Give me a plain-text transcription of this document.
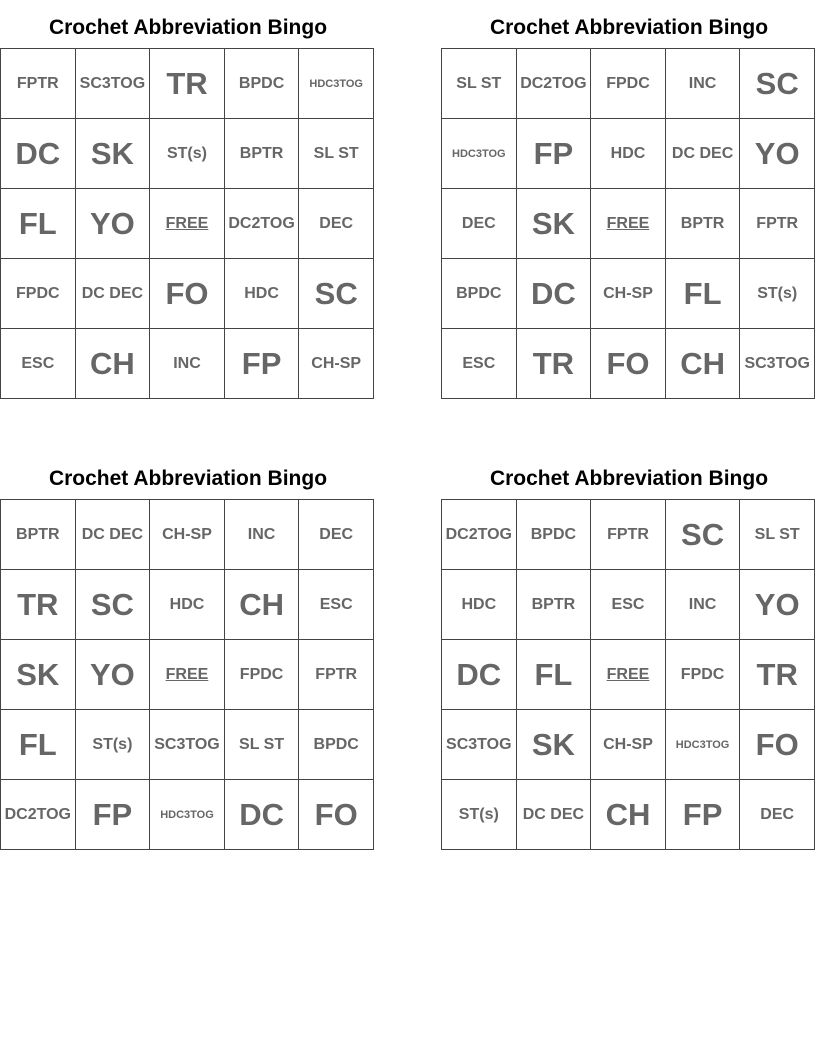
Crochet Abbreviation Bingo
FPTR	SC3TOG	TR	BPDC	HDC3TOG
DC	SK	ST(s)	BPTR	SL ST
FL	YO	FREE	DC2TOG	DEC
FPDC	DC DEC	FO	HDC	SC
ESC	CH	INC	FP	CH-SP
Crochet Abbreviation Bingo
SL ST	DC2TOG	FPDC	INC	SC
HDC3TOG	FP	HDC	DC DEC	YO
DEC	SK	FREE	BPTR	FPTR
BPDC	DC	CH-SP	FL	ST(s)
ESC	TR	FO	CH	SC3TOG
Crochet Abbreviation Bingo
BPTR	DC DEC	CH-SP	INC	DEC
TR	SC	HDC	CH	ESC
SK	YO	FREE	FPDC	FPTR
FL	ST(s)	SC3TOG	SL ST	BPDC
DC2TOG	FP	HDC3TOG	DC	FO
Crochet Abbreviation Bingo
DC2TOG	BPDC	FPTR	SC	SL ST
HDC	BPTR	ESC	INC	YO
DC	FL	FREE	FPDC	TR
SC3TOG	SK	CH-SP	HDC3TOG	FO
ST(s)	DC DEC	CH	FP	DEC
